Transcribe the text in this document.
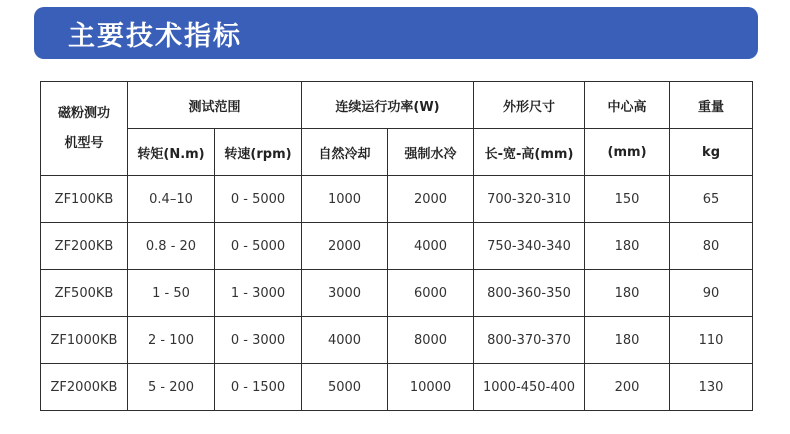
主要技术指标
磁粉测功机型号	测试范围		连续运行功率(W)		外形尺寸	中心高	重量
	转矩(N.m)	转速(rpm)	自然冷却	强制水冷	长-宽-高(mm)	(mm)	kg
ZF100KB	0.4–10	0 - 5000	1000	2000	700-320-310	150	65
ZF200KB	0.8 - 20	0 - 5000	2000	4000	750-340-340	180	80
ZF500KB	1 - 50	1 - 3000	3000	6000	800-360-350	180	90
ZF1000KB	2 - 100	0 - 3000	4000	8000	800-370-370	180	110
ZF2000KB	5 - 200	0 - 1500	5000	10000	1000-450-400	200	130
